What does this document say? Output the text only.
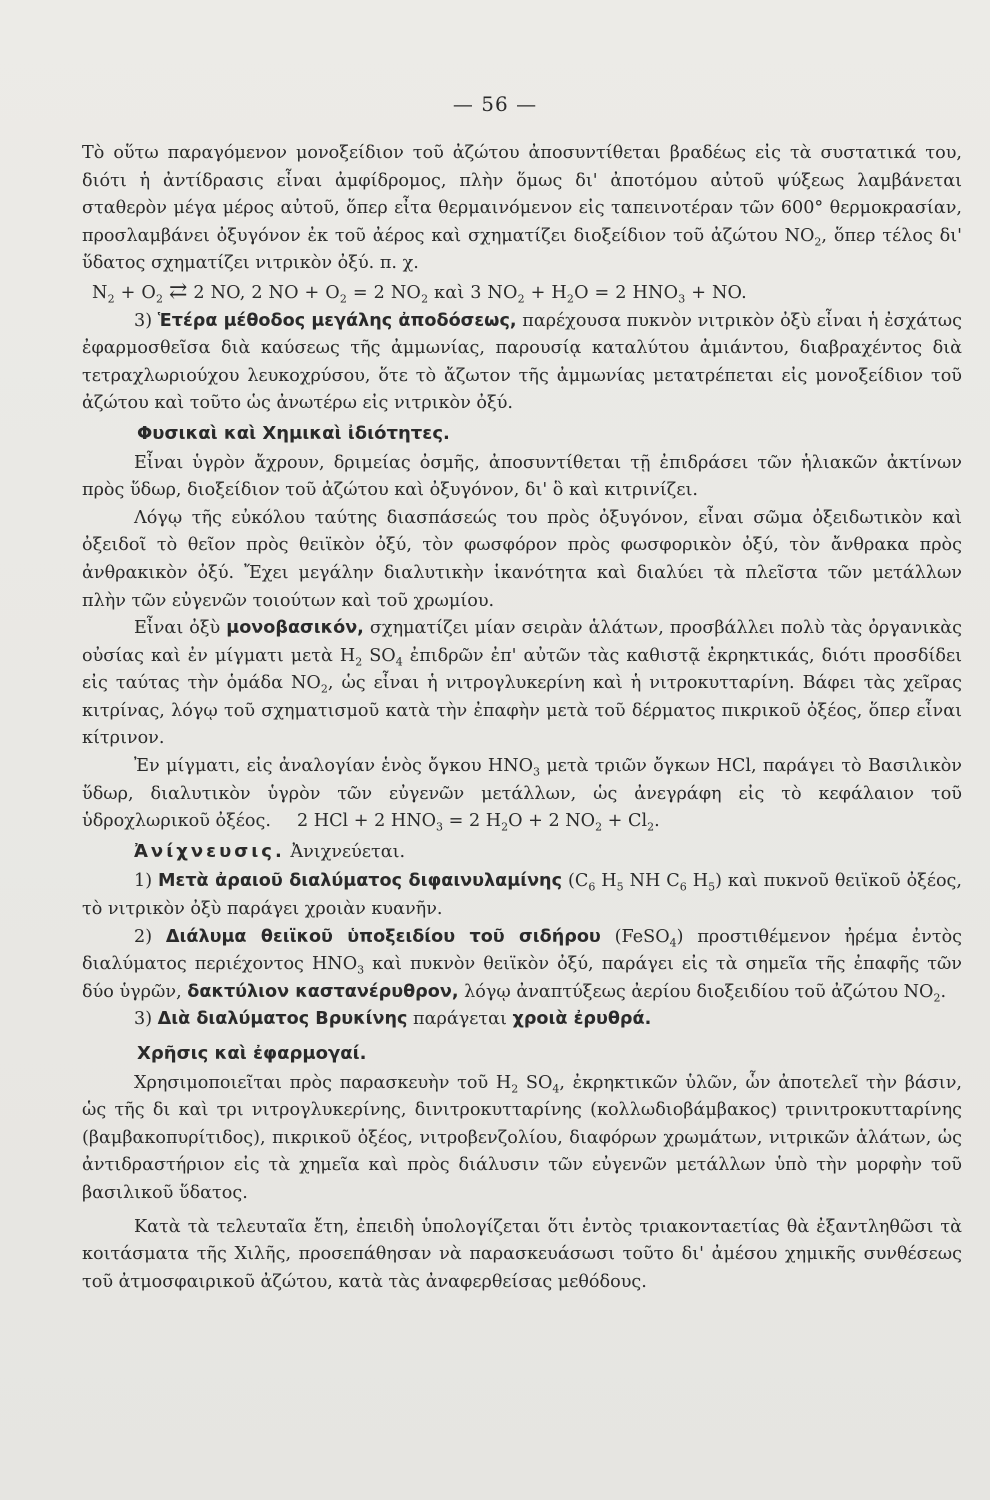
— 56 —

Τὸ οὕτω παραγόμενον μονοξείδιον τοῦ ἀζώτου ἀποσυντίθεται βραδέως εἰς τὰ συστατικά του, διότι ἡ ἀντίδρασις εἶναι ἀμφίδρομος, πλὴν ὅμως δι' ἀποτόμου αὐτοῦ ψύξεως λαμβάνεται σταθερὸν μέγα μέρος αὐτοῦ, ὅπερ εἶτα θερμαινόμενον εἰς ταπεινοτέραν τῶν 600° θερμοκρασίαν, προσλαμβάνει ὀξυγόνον ἐκ τοῦ ἀέρος καὶ σχηματίζει διοξείδιον τοῦ ἀζώτου $NO_2$, ὅπερ τέλος δι' ὕδατος σχηματίζει νιτρικὸν ὀξύ. π. χ.

$N_2 + O_2$ ⇄ 2 NO, 2 NO + $O_2 = 2$ $NO_2$ καὶ 3 $NO_2 + H_2O = 2$ $HNO_3$ + NO.

3) Ἑτέρα μέθοδος μεγάλης ἀποδόσεως, παρέχουσα πυκνὸν νιτρικὸν ὀξὺ εἶναι ἡ ἐσχάτως ἐφαρμοσθεῖσα διὰ καύσεως τῆς ἀμμωνίας, παρουσίᾳ καταλύτου ἀμιάντου, διαβραχέντος διὰ τετραχλωριούχου λευκοχρύσου, ὅτε τὸ ἄζωτον τῆς ἀμμωνίας μετατρέπεται εἰς μονοξείδιον τοῦ ἀζώτου καὶ τοῦτο ὡς ἀνωτέρω εἰς νιτρικὸν ὀξύ.

Φυσικαὶ καὶ Χημικαὶ ἰδιότητες.

Εἶναι ὑγρὸν ἄχρουν, δριμείας ὀσμῆς, ἀποσυντίθεται τῇ ἐπιδράσει τῶν ἡλιακῶν ἀκτίνων πρὸς ὕδωρ, διοξείδιον τοῦ ἀζώτου καὶ ὀξυγόνον, δι' ὃ καὶ κιτρινίζει.

Λόγῳ τῆς εὐκόλου ταύτης διασπάσεώς του πρὸς ὀξυγόνον, εἶναι σῶμα ὀξειδωτικὸν καὶ ὀξειδοῖ τὸ θεῖον πρὸς θειϊκὸν ὀξύ, τὸν φωσφόρον πρὸς φωσφορικὸν ὀξύ, τὸν ἄνθρακα πρὸς ἀνθρακικὸν ὀξύ. Ἔχει μεγάλην διαλυτικὴν ἱκανότητα καὶ διαλύει τὰ πλεῖστα τῶν μετάλλων πλὴν τῶν εὐγενῶν τοιούτων καὶ τοῦ χρωμίου.

Εἶναι ὀξὺ μονοβασικόν, σχηματίζει μίαν σειρὰν ἁλάτων, προσβάλλει πολὺ τὰς ὀργανικὰς οὐσίας καὶ ἐν μίγματι μετὰ $H_2$ $SO_4$ ἐπιδρῶν ἐπ' αὐτῶν τὰς καθιστᾷ ἐκρηκτικάς, διότι προσδίδει εἰς ταύτας τὴν ὁμάδα $NO_2$, ὡς εἶναι ἡ νιτρογλυκερίνη καὶ ἡ νιτροκυτταρίνη. Βάφει τὰς χεῖρας κιτρίνας, λόγῳ τοῦ σχηματισμοῦ κατὰ τὴν ἐπαφὴν μετὰ τοῦ δέρματος πικρικοῦ ὀξέος, ὅπερ εἶναι κίτρινον.

Ἐν μίγματι, εἰς ἀναλογίαν ἑνὸς ὄγκου $HNO_3$ μετὰ τριῶν ὄγκων HCl, παράγει τὸ Βασιλικὸν ὕδωρ, διαλυτικὸν ὑγρὸν τῶν εὐγενῶν μετάλλων, ὡς ἀνεγράφη εἰς τὸ κεφάλαιον τοῦ ὑδροχλωρικοῦ ὀξέος. 2 HCl + 2 $HNO_3 = 2$ $H_2O + 2$ $NO_2 + Cl_2$.

Ἀνίχνευσις. Ἀνιχνεύεται.

1) Μετὰ ἀραιοῦ διαλύματος διφαινυλαμίνης ($C_6$ $H_5$ NH $C_6$ $H_5$) καὶ πυκνοῦ θειϊκοῦ ὀξέος, τὸ νιτρικὸν ὀξὺ παράγει χροιὰν κυανῆν.

2) Διάλυμα θειϊκοῦ ὑποξειδίου τοῦ σιδήρου (FeSO$_4$) προστιθέμενον ἠρέμα ἐντὸς διαλύματος περιέχοντος $HNO_3$ καὶ πυκνὸν θειϊκὸν ὀξύ, παράγει εἰς τὰ σημεῖα τῆς ἐπαφῆς τῶν δύο ὑγρῶν, δακτύλιον καστανέρυθρον, λόγῳ ἀναπτύξεως ἀερίου διοξειδίου τοῦ ἀζώτου $NO_2$.

3) Διὰ διαλύματος Βρυκίνης παράγεται χροιὰ ἐρυθρά.

Χρῆσις καὶ ἐφαρμογαί.

Χρησιμοποιεῖται πρὸς παρασκευὴν τοῦ $H_2$ $SO_4$, ἐκρηκτικῶν ὑλῶν, ὧν ἀποτελεῖ τὴν βάσιν, ὡς τῆς δι καὶ τρι νιτρογλυκερίνης, δινιτροκυτταρίνης (κολλωδιοβάμβακος) τρινιτροκυτταρίνης (βαμβακοπυρίτιδος), πικρικοῦ ὀξέος, νιτροβενζολίου, διαφόρων χρωμάτων, νιτρικῶν ἁλάτων, ὡς ἀντιδραστήριον εἰς τὰ χημεῖα καὶ πρὸς διάλυσιν τῶν εὐγενῶν μετάλλων ὑπὸ τὴν μορφὴν τοῦ βασιλικοῦ ὕδατος.

Κατὰ τὰ τελευταῖα ἔτη, ἐπειδὴ ὑπολογίζεται ὅτι ἐντὸς τριακονταετίας θὰ ἐξαντληθῶσι τὰ κοιτάσματα τῆς Χιλῆς, προσεπάθησαν νὰ παρασκευάσωσι τοῦτο δι' ἀμέσου χημικῆς συνθέσεως τοῦ ἀτμοσφαιρικοῦ ἀζώτου, κατὰ τὰς ἀναφερθείσας μεθόδους.
